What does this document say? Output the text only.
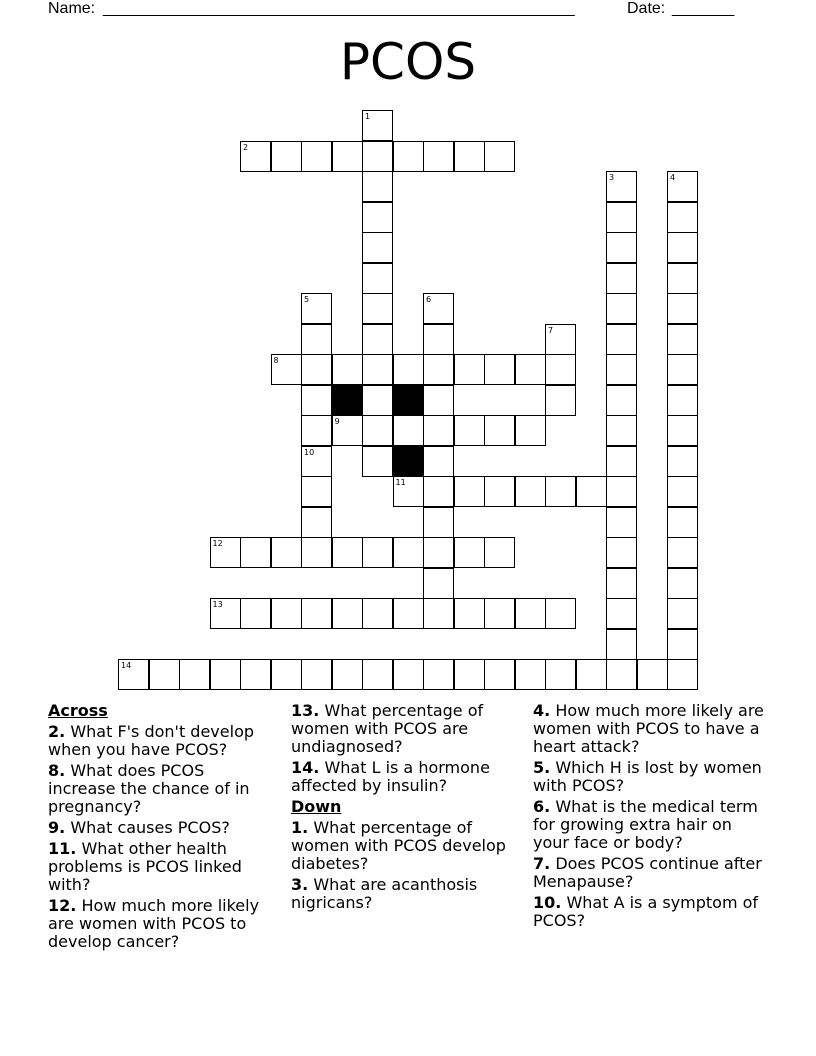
Name: _____________________________________________________	Date: _______
PCOS
2
8
9
11
12
13
14
1
3	4
5	6
7
10
Across
2. What F's don't develop when you have PCOS?
8. What does PCOS increase the chance of in pregnancy?
9. What causes PCOS?
11. What other health problems is PCOS linked with?
12. How much more likely are women with PCOS to develop cancer?
13. What percentage of women with PCOS are undiagnosed?
14. What L is a hormone affected by insulin?
Down
1. What percentage of women with PCOS develop diabetes?
3. What are acanthosis nigricans?
4. How much more likely are women with PCOS to have a heart attack?
5. Which H is lost by women with PCOS?
6. What is the medical term for growing extra hair on your face or body?
7. Does PCOS continue after Menapause?
10. What A is a symptom of PCOS?
